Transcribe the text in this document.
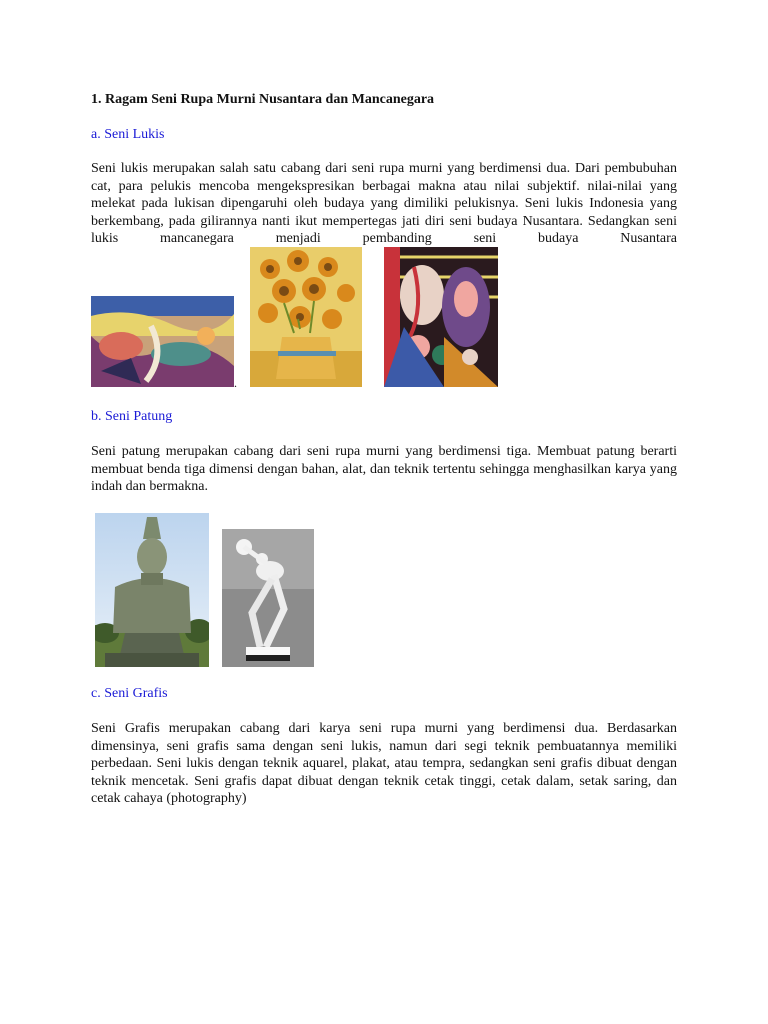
1. Ragam Seni Rupa Murni Nusantara dan Mancanegara
a. Seni Lukis

Seni lukis merupakan salah satu cabang dari seni rupa murni yang berdimensi dua. Dari pembubuhan cat, para pelukis mencoba mengekspresikan berbagai makna atau nilai subjektif. nilai-nilai yang melekat pada lukisan dipengaruhi oleh budaya yang dimiliki pelukisnya. Seni lukis Indonesia yang berkembang, pada gilirannya nanti ikut mempertegas jati diri seni budaya Nusantara. Sedangkan seni lukis mancanegara menjadi pembanding seni budaya Nusantara

.
b. Seni Patung

Seni patung merupakan cabang dari seni rupa murni yang berdimensi tiga. Membuat patung berarti membuat benda tiga dimensi dengan bahan, alat, dan teknik tertentu sehingga menghasilkan karya yang indah dan bermakna.

c. Seni Grafis

Seni Grafis merupakan cabang dari karya seni rupa murni yang berdimensi dua. Berdasarkan dimensinya, seni grafis sama dengan seni lukis, namun dari segi teknik pembuatannya memiliki perbedaan. Seni lukis dengan teknik aquarel, plakat, atau tempra, sedangkan seni grafis dibuat dengan teknik mencetak. Seni grafis dapat dibuat dengan teknik cetak tinggi, cetak dalam, setak saring, dan cetak cahaya (photography)
